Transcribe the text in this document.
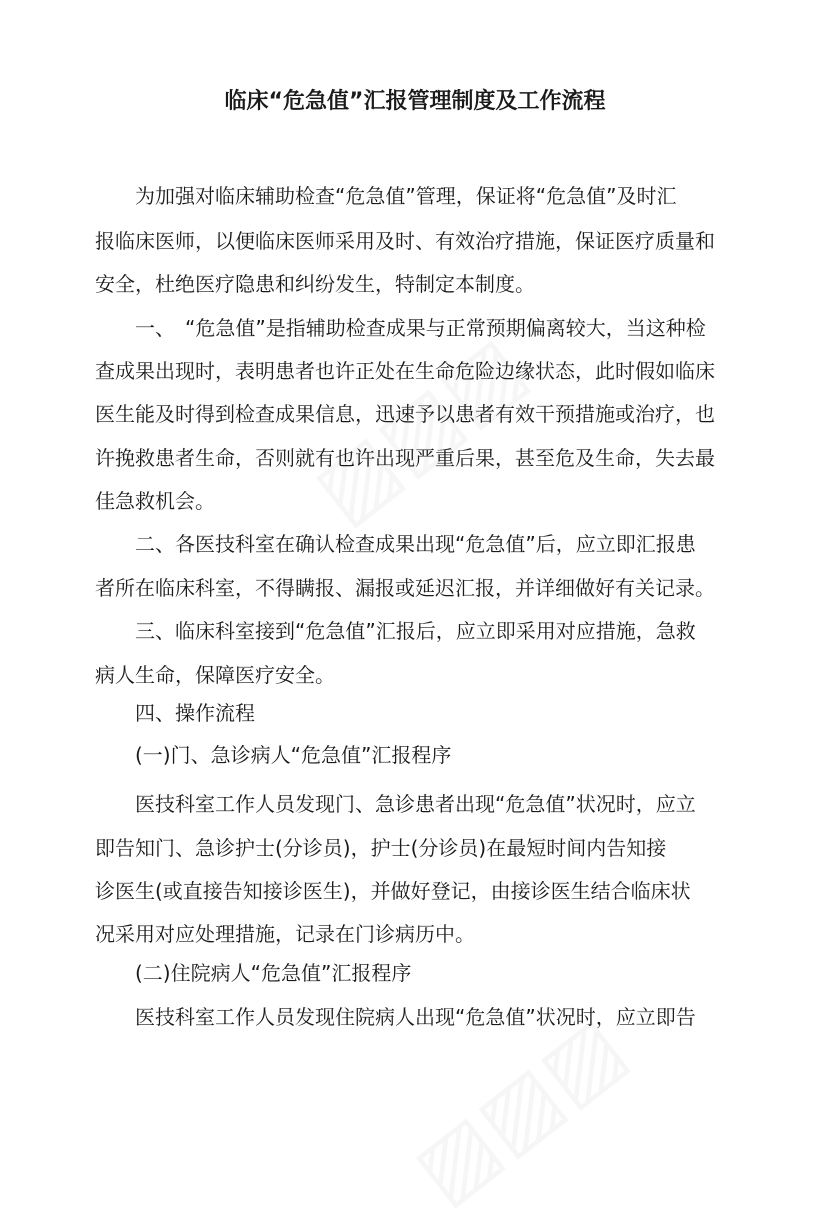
临床“危急值”汇报管理制度及工作流程
　　为加强对临床辅助检查“危急值”管理，保证将“危急值”及时汇
报临床医师，以便临床医师采用及时、有效治疗措施，保证医疗质量和
安全，杜绝医疗隐患和纠纷发生，特制定本制度。
　　一、　“危急值”是指辅助检查成果与正常预期偏离较大，当这种检
查成果出现时，表明患者也许正处在生命危险边缘状态，此时假如临床
医生能及时得到检查成果信息，迅速予以患者有效干预措施或治疗，也
许挽救患者生命，否则就有也许出现严重后果，甚至危及生命，失去最
佳急救机会。
　　二、各医技科室在确认检查成果出现“危急值”后，应立即汇报患
者所在临床科室，不得瞒报、漏报或延迟汇报，并详细做好有关记录。
　　三、临床科室接到“危急值”汇报后，应立即采用对应措施，急救
病人生命，保障医疗安全。
　　四、操作流程
　　(一)门、急诊病人“危急值”汇报程序
　　医技科室工作人员发现门、急诊患者出现“危急值”状况时，应立
即告知门、急诊护士(分诊员)，护士(分诊员)在最短时间内告知接
诊医生(或直接告知接诊医生)，并做好登记，由接诊医生结合临床状
况采用对应处理措施，记录在门诊病历中。
　　(二)住院病人“危急值”汇报程序
　　医技科室工作人员发现住院病人出现“危急值”状况时，应立即告
